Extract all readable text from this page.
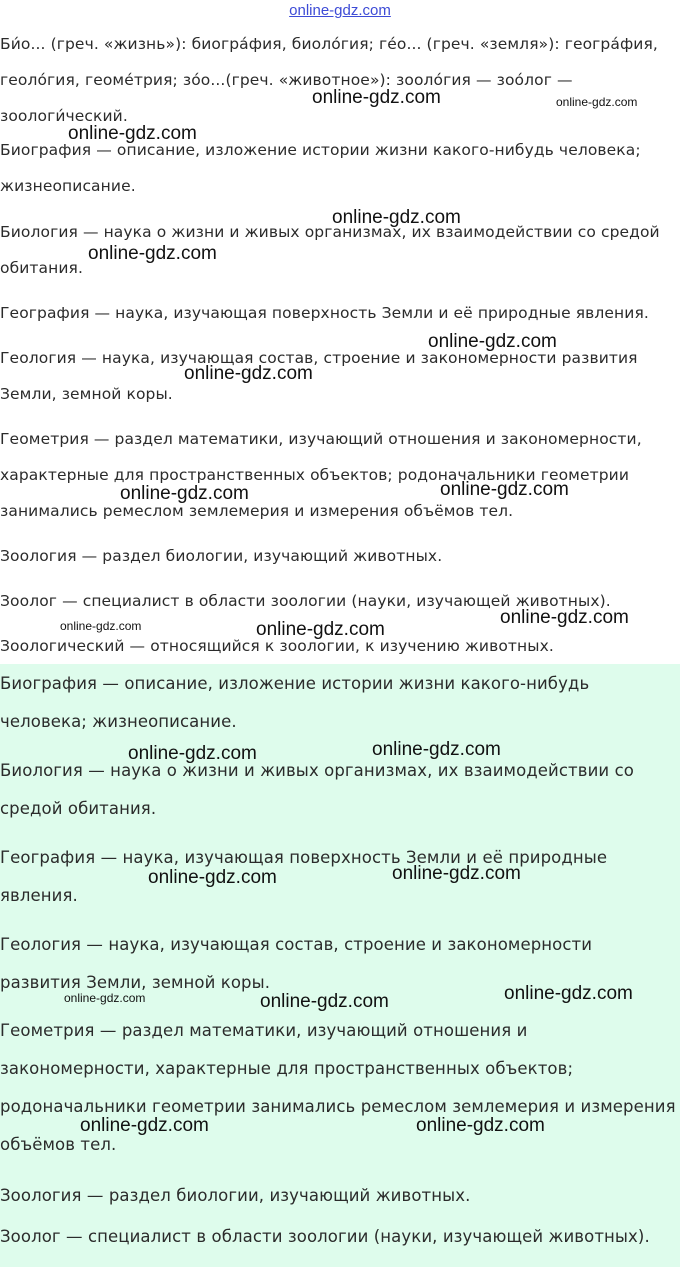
online-gdz.com

Би́о... (греч. «жизнь»): биогра́фия, биоло́гия; ге́о... (греч. «земля»): геогра́фия, геоло́гия, геоме́трия; зо́о...(греч. «животное»): зооло́гия — зоо́лог — зоологи́ческий.

Биография — описание, изложение истории жизни какого-нибудь человека; жизнеописание.

Биология — наука о жизни и живых организмах, их взаимодействии со средой обитания.

География — наука, изучающая поверхность Земли и её природные явления.

Геология — наука, изучающая состав, строение и закономерности развития Земли, земной коры.

Геометрия — раздел математики, изучающий отношения и закономерности, характерные для пространственных объектов; родоначальники геометрии занимались ремеслом землемерия и измерения объёмов тел.

Зоология — раздел биологии, изучающий животных.

Зоолог — специалист в области зоологии (науки, изучающей животных).

Зоологический — относящийся к зоологии, к изучению животных.

Биография — описание, изложение истории жизни какого-нибудь человека; жизнеописание.

Биология — наука о жизни и живых организмах, их взаимодействии со средой обитания.

География — наука, изучающая поверхность Земли и её природные явления.

Геология — наука, изучающая состав, строение и закономерности развития Земли, земной коры.

Геометрия — раздел математики, изучающий отношения и закономерности, характерные для пространственных объектов; родоначальники геометрии занимались ремеслом землемерия и измерения объёмов тел.

Зоология — раздел биологии, изучающий животных.

Зоолог — специалист в области зоологии (науки, изучающей животных).

online-gdz.com	online-gdz.com
online-gdz.com
online-gdz.com
online-gdz.com
online-gdz.com
online-gdz.com
online-gdz.com	online-gdz.com
online-gdz.com
online-gdz.com	online-gdz.com
online-gdz.com	online-gdz.com
online-gdz.com	online-gdz.com
online-gdz.com	online-gdz.com	online-gdz.com
online-gdz.com	online-gdz.com
